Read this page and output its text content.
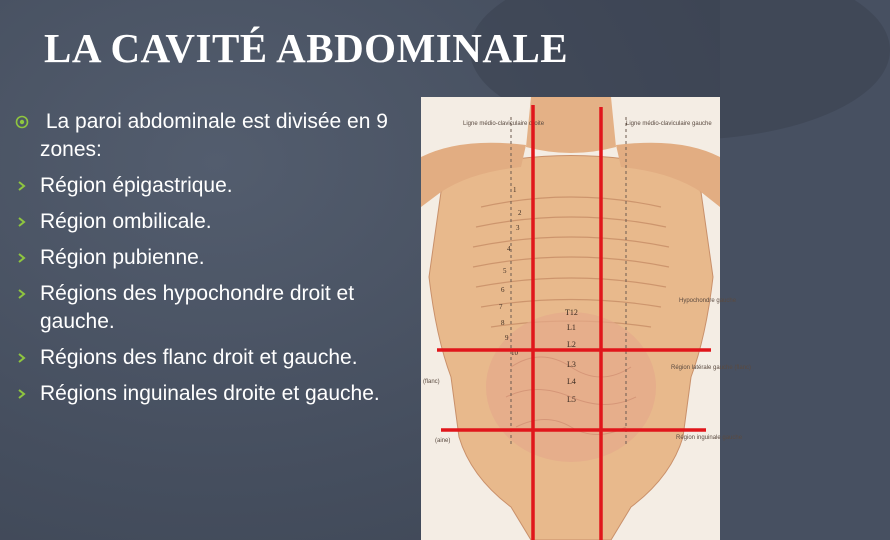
LA CAVITÉ ABDOMINALE
La paroi abdominale est divisée en 9 zones:
Région épigastrique.
Région ombilicale.
Région pubienne.
Régions des hypochondre droit et gauche.
Régions des flanc droit et gauche.
Régions inguinales droite et gauche.
T12
L1
L2
L3
L4
L5
1
2
3
4
5
6
7
8
9
10
Ligne médio-claviculaire droite	Ligne médio-claviculaire gauche
Hypochondre gauche
Région latérale gauche (flanc)
Région inguinale gauche
(flanc)
(aine)
